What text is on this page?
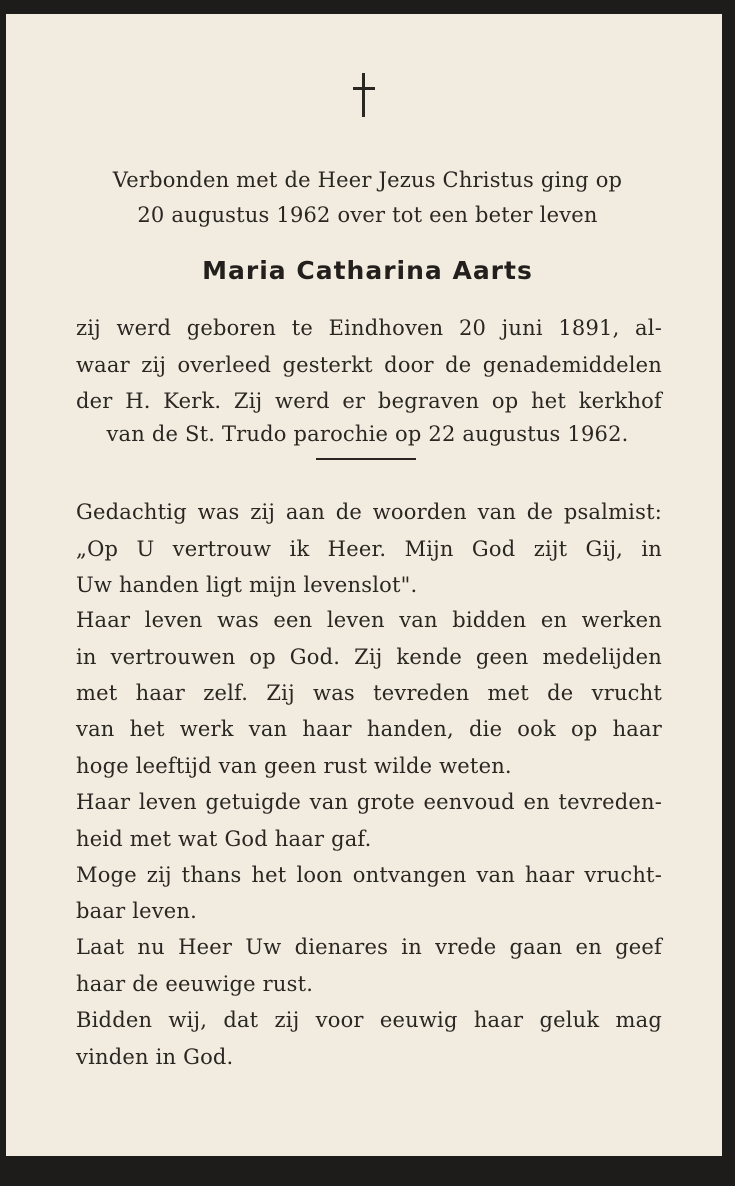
Verbonden met de Heer Jezus Christus ging op
20 augustus 1962 over tot een beter leven
Maria Catharina Aarts
zij werd geboren te Eindhoven 20 juni 1891, al-
waar zij overleed gesterkt door de genademiddelen
der H. Kerk. Zij werd er begraven op het kerkhof
van de St. Trudo parochie op 22 augustus 1962.
Gedachtig was zij aan de woorden van de psalmist:
„Op U vertrouw ik Heer. Mijn God zijt Gij, in
Uw handen ligt mijn levenslot".
Haar leven was een leven van bidden en werken
in vertrouwen op God. Zij kende geen medelijden
met haar zelf. Zij was tevreden met de vrucht
van het werk van haar handen, die ook op haar
hoge leeftijd van geen rust wilde weten.
Haar leven getuigde van grote eenvoud en tevreden-
heid met wat God haar gaf.
Moge zij thans het loon ontvangen van haar vrucht-
baar leven.
Laat nu Heer Uw dienares in vrede gaan en geef
haar de eeuwige rust.
Bidden wij, dat zij voor eeuwig haar geluk mag
vinden in God.
